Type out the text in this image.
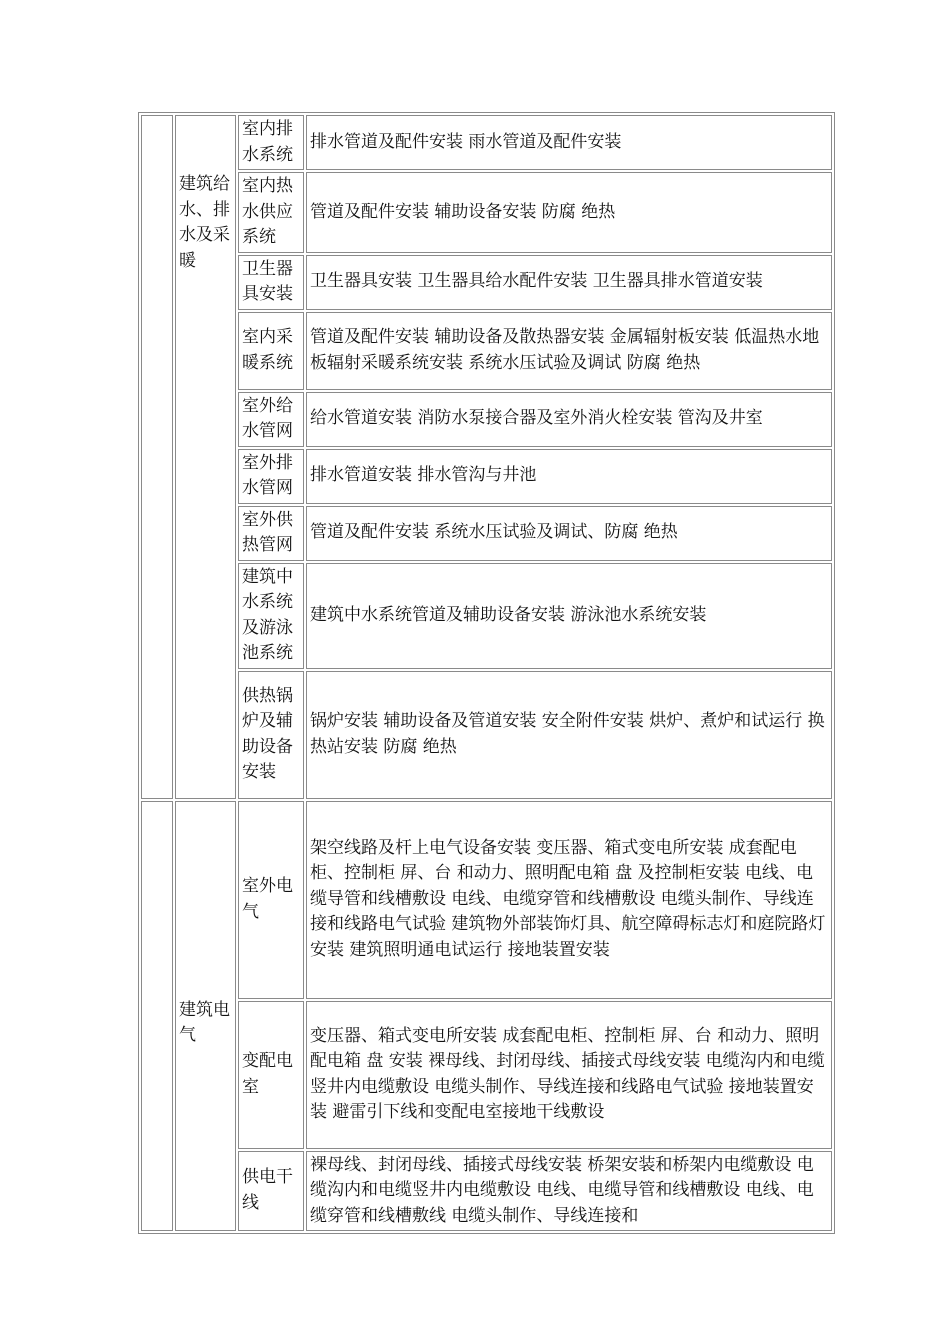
	建筑给水、排水及采暖	室内排水系统	排水管道及配件安装 雨水管道及配件安装
		室内热水供应系统	管道及配件安装 辅助设备安装 防腐 绝热
		卫生器具安装	卫生器具安装 卫生器具给水配件安装 卫生器具排水管道安装
		室内采暖系统	管道及配件安装 辅助设备及散热器安装 金属辐射板安装 低温热水地板辐射采暖系统安装 系统水压试验及调试 防腐 绝热
		室外给水管网	给水管道安装 消防水泵接合器及室外消火栓安装 管沟及井室
		室外排水管网	排水管道安装 排水管沟与井池
		室外供热管网	管道及配件安装 系统水压试验及调试、防腐 绝热
		建筑中水系统及游泳池系统	建筑中水系统管道及辅助设备安装 游泳池水系统安装
		供热锅炉及辅助设备安装	锅炉安装 辅助设备及管道安装 安全附件安装 烘炉、煮炉和试运行 换热站安装 防腐 绝热
	建筑电气	室外电气	架空线路及杆上电气设备安装 变压器、箱式变电所安装 成套配电柜、控制柜 屏、台 和动力、照明配电箱 盘 及控制柜安装 电线、电缆导管和线槽敷设 电线、电缆穿管和线槽敷设 电缆头制作、导线连接和线路电气试验 建筑物外部装饰灯具、航空障碍标志灯和庭院路灯安装 建筑照明通电试运行 接地装置安装
		变配电室	变压器、箱式变电所安装 成套配电柜、控制柜 屏、台 和动力、照明配电箱 盘 安装 裸母线、封闭母线、插接式母线安装 电缆沟内和电缆竖井内电缆敷设 电缆头制作、导线连接和线路电气试验 接地装置安装 避雷引下线和变配电室接地干线敷设
		供电干线	裸母线、封闭母线、插接式母线安装 桥架安装和桥架内电缆敷设 电缆沟内和电缆竖井内电缆敷设 电线、电缆导管和线槽敷设 电线、电缆穿管和线槽敷线 电缆头制作、导线连接和
